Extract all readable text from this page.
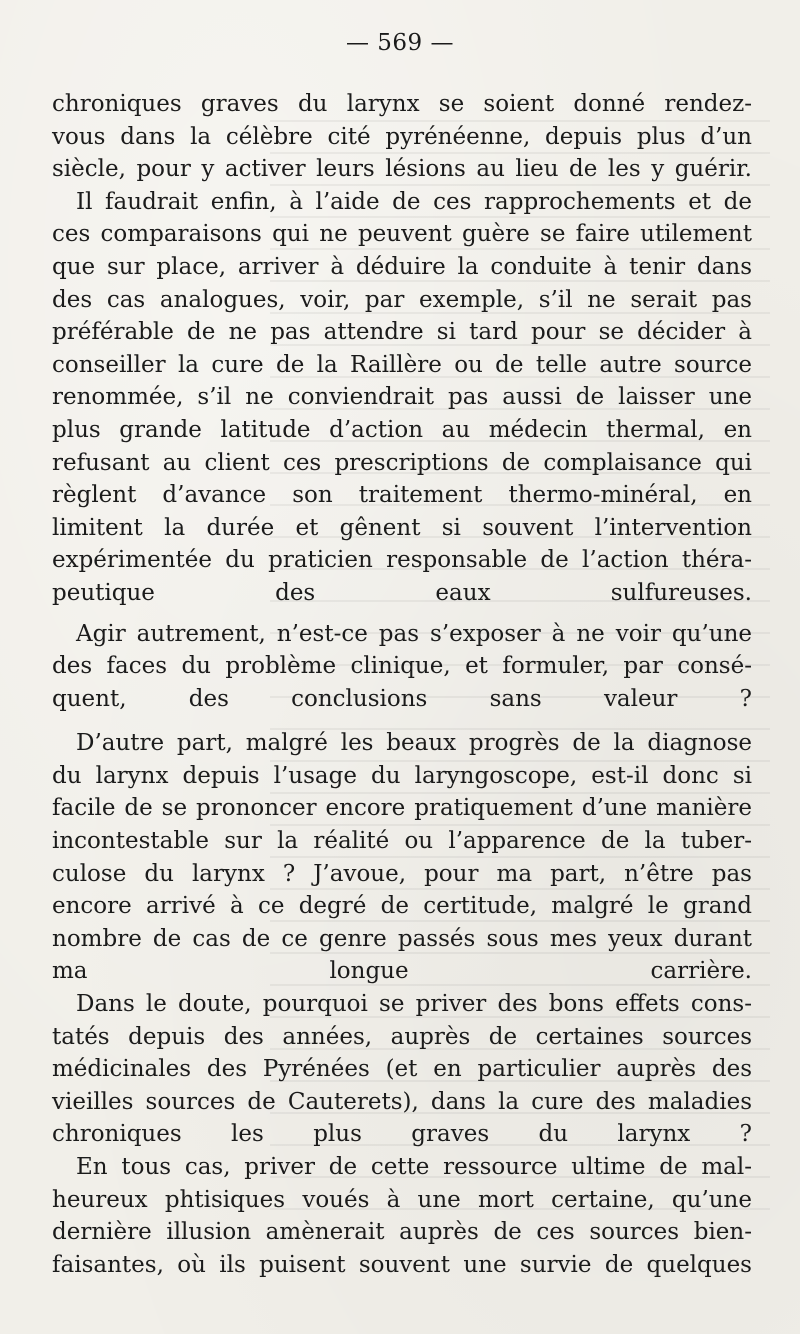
— 569 —

chroniques graves du larynx se soient donné rendez-
vous dans la célèbre cité pyrénéenne, depuis plus d’un
siècle, pour y activer leurs lésions au lieu de les y guérir.

Il faudrait enfin, à l’aide de ces rapprochements et de
ces comparaisons qui ne peuvent guère se faire utilement
que sur place, arriver à déduire la conduite à tenir dans
des cas analogues, voir, par exemple, s’il ne serait pas
préférable de ne pas attendre si tard pour se décider à
conseiller la cure de la Raillère ou de telle autre source
renommée, s’il ne conviendrait pas aussi de laisser une
plus grande latitude d’action au médecin thermal, en
refusant au client ces prescriptions de complaisance qui
règlent d’avance son traitement thermo-minéral, en
limitent la durée et gênent si souvent l’intervention
expérimentée du praticien responsable de l’action théra-
peutique des eaux sulfureuses.

Agir autrement, n’est-ce pas s’exposer à ne voir qu’une
des faces du problème clinique, et formuler, par consé-
quent, des conclusions sans valeur ?

D’autre part, malgré les beaux progrès de la diagnose
du larynx depuis l’usage du laryngoscope, est-il donc si
facile de se prononcer encore pratiquement d’une manière
incontestable sur la réalité ou l’apparence de la tuber-
culose du larynx ? J’avoue, pour ma part, n’être pas
encore arrivé à ce degré de certitude, malgré le grand
nombre de cas de ce genre passés sous mes yeux durant
ma longue carrière.

Dans le doute, pourquoi se priver des bons effets cons-
tatés depuis des années, auprès de certaines sources
médicinales des Pyrénées (et en particulier auprès des
vieilles sources de Cauterets), dans la cure des maladies
chroniques les plus graves du larynx ?

En tous cas, priver de cette ressource ultime de mal-
heureux phtisiques voués à une mort certaine, qu’une
dernière illusion amènerait auprès de ces sources bien-
faisantes, où ils puisent souvent une survie de quelques
